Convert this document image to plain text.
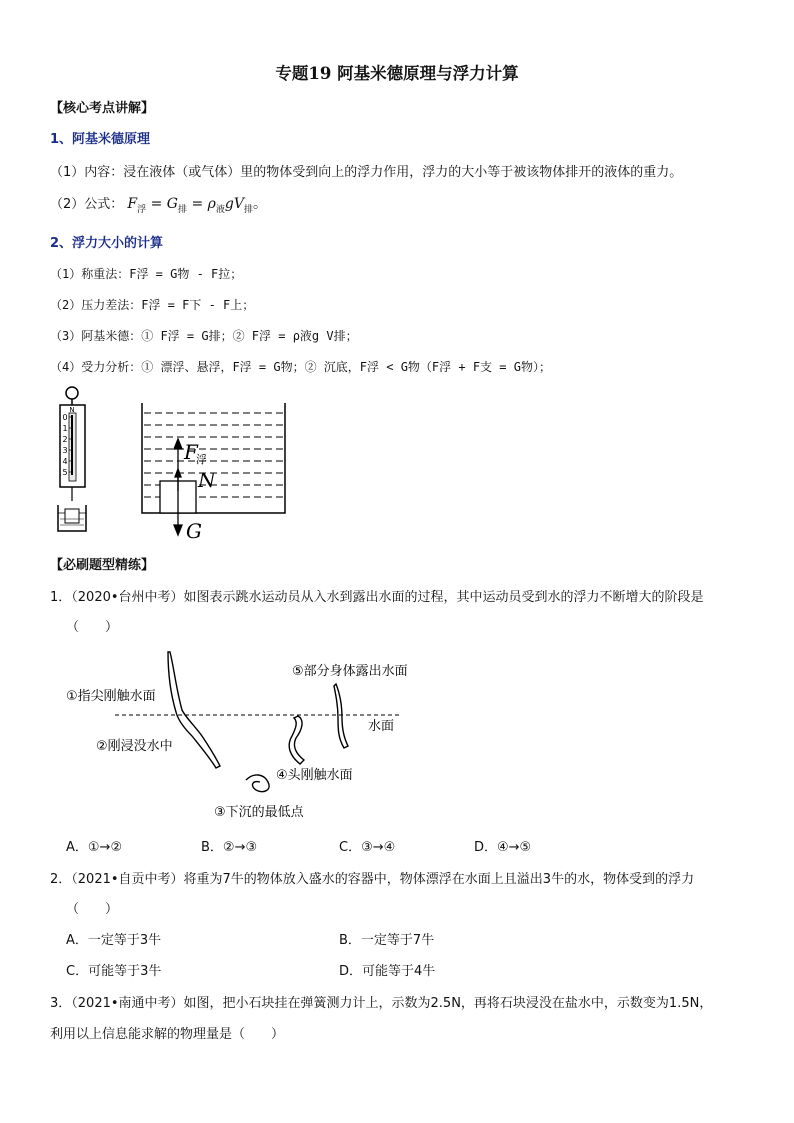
专题19 阿基米德原理与浮力计算
【核心考点讲解】
1、阿基米德原理
（1）内容：浸在液体（或气体）里的物体受到向上的浮力作用，浮力的大小等于被该物体排开的液体的重力。
（2）公式： $F_浮 = G_排 = \rho_液gV_排$。
2、浮力大小的计算
（1）称重法：F浮 = G物 - F拉；
（2）压力差法：F浮 = F下 - F上；
（3）阿基米德：① F浮 = G排；② F浮 = ρ液g V排；
（4）受力分析：① 漂浮、悬浮，F浮 = G物；② 沉底，F浮 < G物（F浮 + F支 = G物）；
N
0
1
2
3
4
5
F
浮
N
G
【必刷题型精练】
1．（2020•台州中考）如图表示跳水运动员从入水到露出水面的过程，其中运动员受到水的浮力不断增大的阶段是
（　　）
①指尖刚触水面
②刚浸没水中
③下沉的最低点
④头刚触水面
⑤部分身体露出水面
水面
A．①→②	B．②→③	C．③→④	D．④→⑤
2．（2021•自贡中考）将重为7牛的物体放入盛水的容器中，物体漂浮在水面上且溢出3牛的水，物体受到的浮力
（　　）
A．一定等于3牛	B．一定等于7牛
C．可能等于3牛	D．可能等于4牛
3．（2021•南通中考）如图，把小石块挂在弹簧测力计上，示数为2.5N，再将石块浸没在盐水中，示数变为1.5N，
利用以上信息能求解的物理量是（　　）
